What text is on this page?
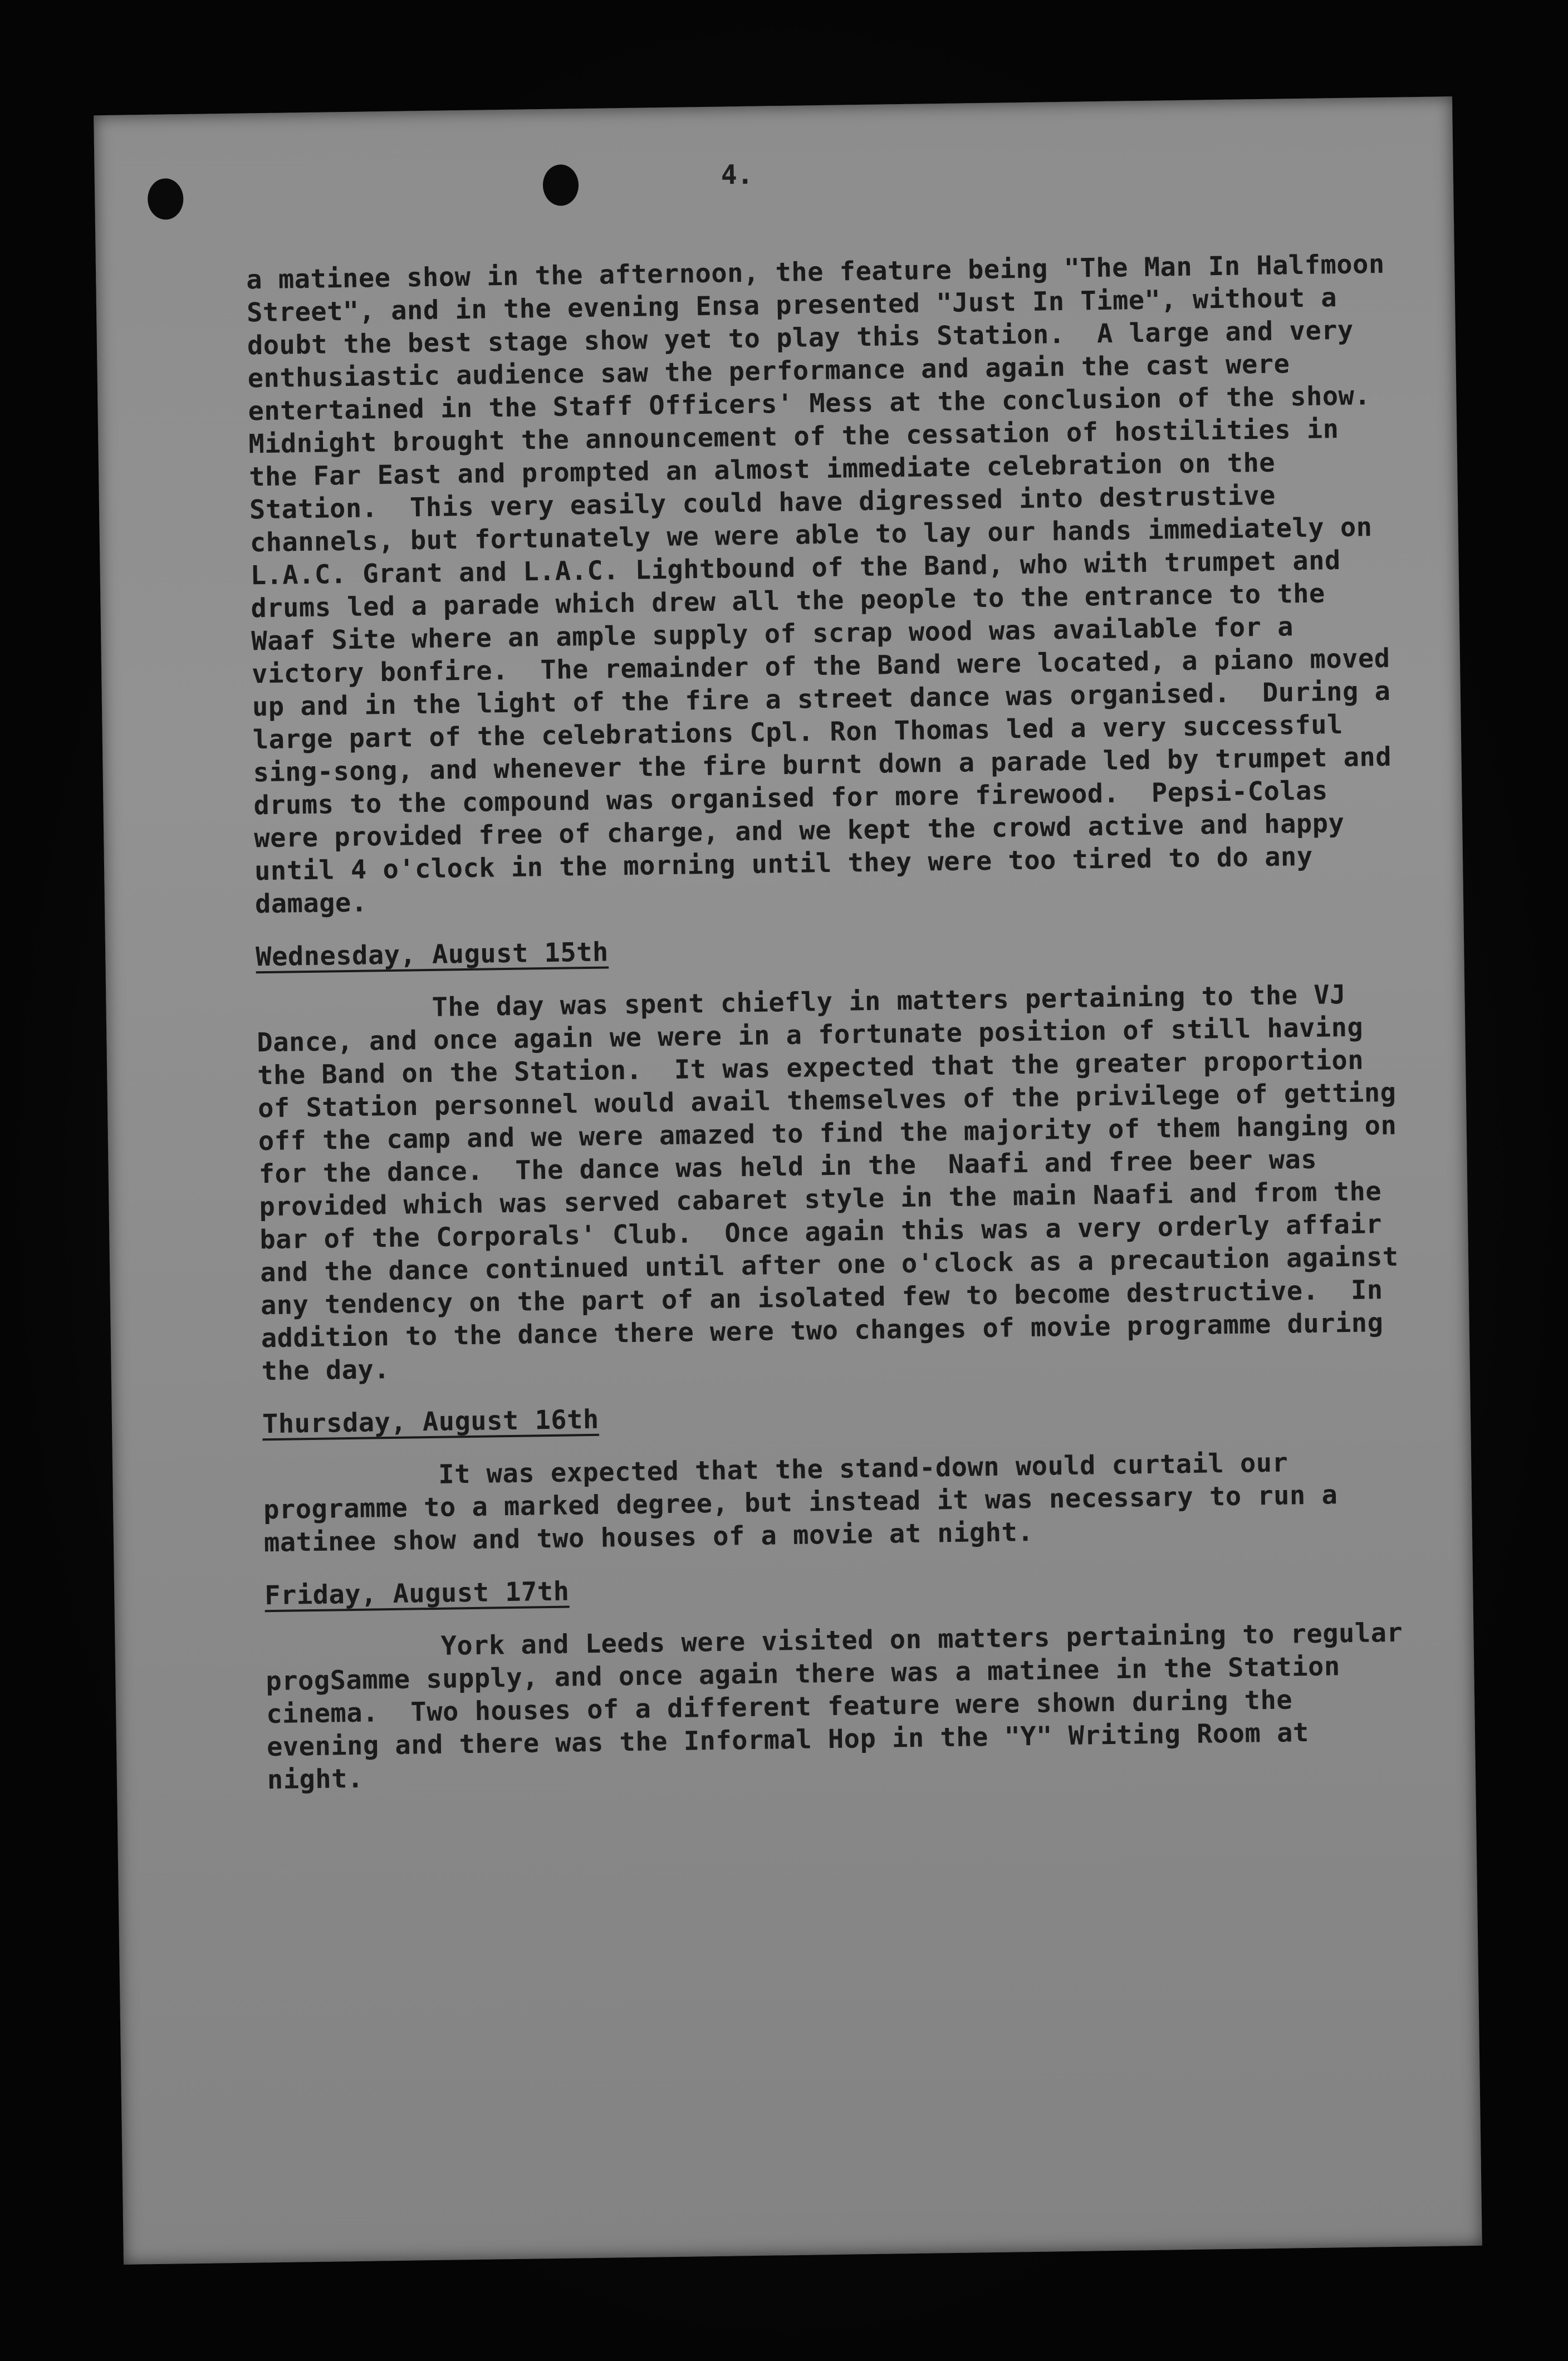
4.

a matinee show in the afternoon, the feature being "The Man In Halfmoon Street", and in the evening Ensa presented "Just In Time", without a doubt the best stage show yet to play this Station.  A large and very enthusiastic audience saw the performance and again the cast were entertained in the Staff Officers' Mess at the conclusion of the show.  Midnight brought the announcement of the cessation of hostilities in the Far East and prompted an almost immediate celebration on the Station.  This very easily could have digressed into destrustive channels, but fortunately we were able to lay our hands immediately on L.A.C. Grant and L.A.C. Lightbound of the Band, who with trumpet and drums led a parade which drew all the people to the entrance to the Waaf Site where an ample supply of scrap wood was available for a victory bonfire.  The remainder of the Band were located, a piano moved up and in the light of the fire a street dance was organised.  During a large part of the celebrations Cpl. Ron Thomas led a very successful sing-song, and whenever the fire burnt down a parade led by trumpet and drums to the compound was organised for more firewood.  Pepsi-Colas were provided free of charge, and we kept the crowd active and happy until 4 o'clock in the morning until they were too tired to do any damage.

Wednesday, August 15th

The day was spent chiefly in matters pertaining to the VJ  Dance, and once again we were in a fortunate position of still having the Band on the Station.  It was expected that the greater proportion of Station personnel would avail themselves of the privilege of getting off the camp and we were amazed to find the majority of them hanging on for the dance.  The dance was held in the  Naafi and free beer was provided which was served cabaret style in the main Naafi and from the bar of the Corporals' Club.  Once again this was a very orderly affair and the dance continued until after one o'clock as a precaution against any tendency on the part of an isolated few to become destructive.  In addition to the dance there were two changes of movie programme during the day.

Thursday, August 16th

It was expected that the stand-down would curtail our programme to a marked degree, but instead it was necessary to run a matinee show and two houses of a movie at night.

Friday, August 17th

York and Leeds were visited on matters pertaining to regular progSamme supply, and once again there was a matinee in the Station cinema.  Two houses of a different feature were shown during the evening and there was the Informal Hop in the "Y" Writing Room at night.
